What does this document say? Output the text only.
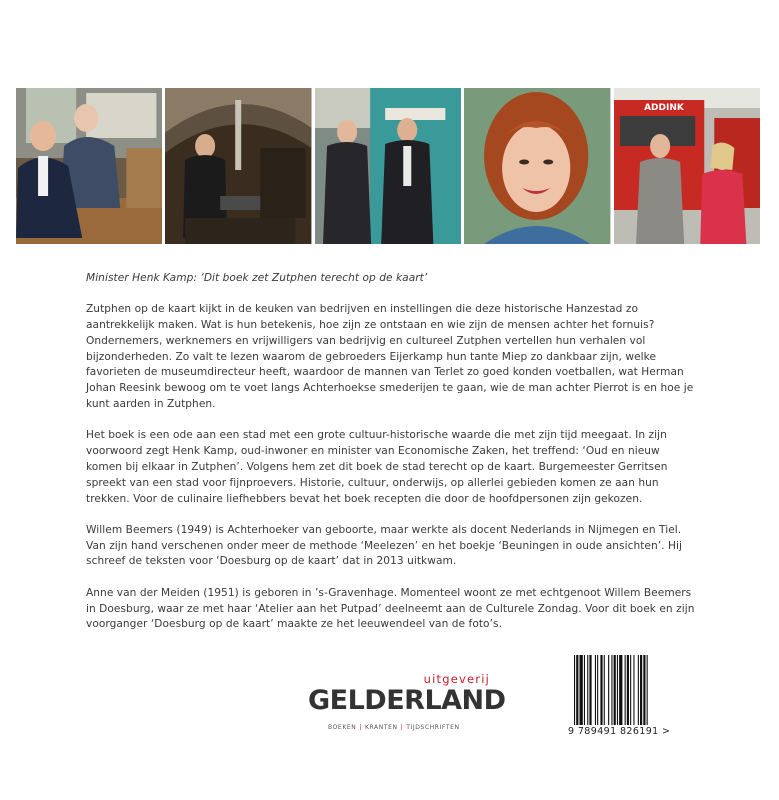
ADDINK

Minister Henk Kamp: ‘Dit boek zet Zutphen terecht op de kaart’

Zutphen op de kaart kijkt in de keuken van bedrijven en instellingen die deze historische Hanzestad zo aantrekkelijk maken. Wat is hun betekenis, hoe zijn ze ontstaan en wie zijn de mensen achter het fornuis? Ondernemers, werknemers en vrijwilligers van bedrijvig en cultureel Zutphen vertellen hun verhalen vol bijzonderheden. Zo valt te lezen waarom de gebroeders Eijerkamp hun tante Miep zo dankbaar zijn, welke favorieten de museumdirecteur heeft, waardoor de mannen van Terlet zo goed konden voetballen, wat Herman Johan Reesink bewoog om te voet langs Achterhoekse smederijen te gaan, wie de man achter Pierrot is en hoe je kunt aarden in Zutphen.

Het boek is een ode aan een stad met een grote cultuur-historische waarde die met zijn tijd meegaat. In zijn voorwoord zegt Henk Kamp, oud-inwoner en minister van Economische Zaken, het treffend: ‘Oud en nieuw komen bij elkaar in Zutphen’. Volgens hem zet dit boek de stad terecht op de kaart. Burgemeester Gerritsen spreekt van een stad voor fijnproevers. Historie, cultuur, onderwijs, op allerlei gebieden komen ze aan hun trekken. Voor de culinaire liefhebbers bevat het boek recepten die door de hoofdpersonen zijn gekozen.

Willem Beemers (1949) is Achterhoeker van geboorte, maar werkte als docent Nederlands in Nijmegen en Tiel. Van zijn hand verschenen onder meer de methode ‘Meelezen’ en het boekje ‘Beuningen in oude ansichten’. Hij schreef de teksten voor ‘Doesburg op de kaart’ dat in 2013 uitkwam.

Anne van der Meiden (1951) is geboren in ’s-Gravenhage. Momenteel woont ze met echtgenoot Willem Beemers in Doesburg, waar ze met haar ‘Atelier aan het Putpad’ deelneemt aan de Culturele Zondag. Voor dit boek en zijn voorganger ‘Doesburg op de kaart’ maakte ze het leeuwendeel van de foto’s.

uitgeverij
GELDERLAND
BOEKEN | KRANTEN | TIJDSCHRIFTEN	9 789491 826191 >
